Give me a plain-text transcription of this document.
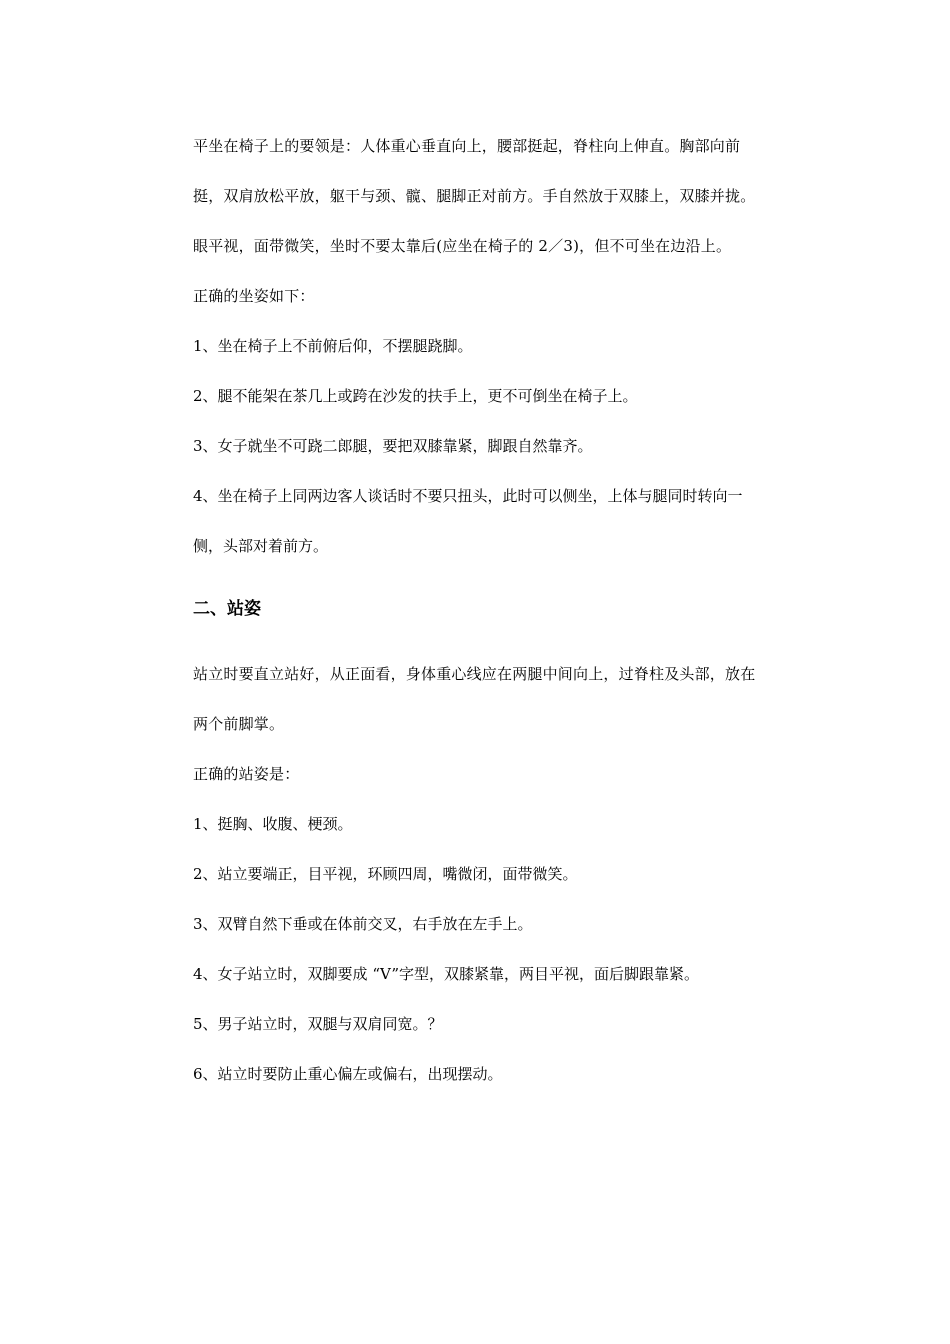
平坐在椅子上的要领是：人体重心垂直向上，腰部挺起，脊柱向上伸直。胸部向前挺，双肩放松平放，躯干与颈、髋、腿脚正对前方。手自然放于双膝上，双膝并拢。眼平视，面带微笑，坐时不要太靠后(应坐在椅子的 2／3)，但不可坐在边沿上。

正确的坐姿如下：

1、坐在椅子上不前俯后仰，不摆腿跷脚。

2、腿不能架在茶几上或跨在沙发的扶手上，更不可倒坐在椅子上。

3、女子就坐不可跷二郎腿，要把双膝靠紧，脚跟自然靠齐。

4、坐在椅子上同两边客人谈话时不要只扭头，此时可以侧坐，上体与腿同时转向一侧，头部对着前方。

二、站姿

站立时要直立站好，从正面看，身体重心线应在两腿中间向上，过脊柱及头部，放在两个前脚掌。

正确的站姿是：

1、挺胸、收腹、梗颈。

2、站立要端正，目平视，环顾四周，嘴微闭，面带微笑。

3、双臂自然下垂或在体前交叉，右手放在左手上。

4、女子站立时，双脚要成 “V”字型，双膝紧靠，两目平视，面后脚跟靠紧。

5、男子站立时，双腿与双肩同宽。？

6、站立时要防止重心偏左或偏右，出现摆动。
